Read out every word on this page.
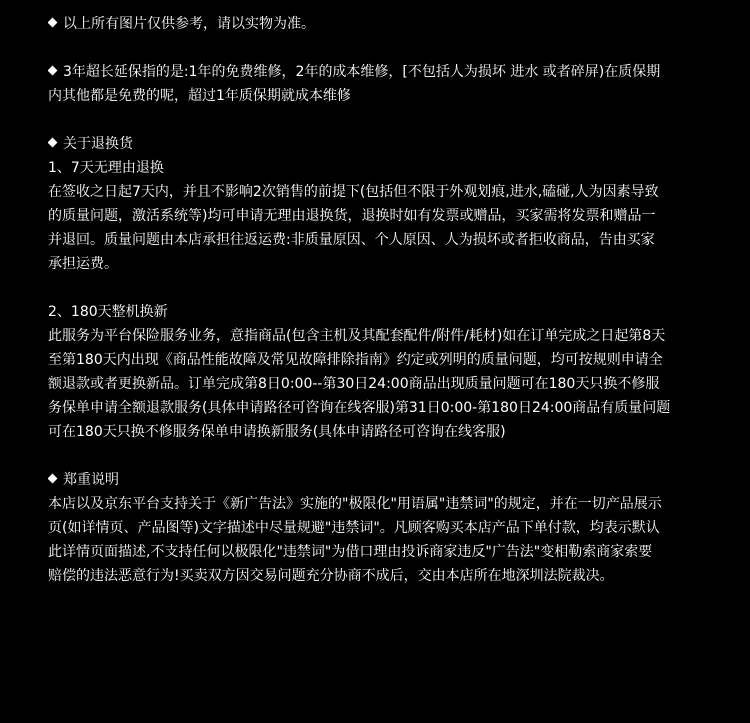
以上所有图片仅供参考，请以实物为准。
3年超长延保指的是:1年的免费维修，2年的成本维修，[不包括人为损坏 进水 或者碎屏)在质保期
内其他都是免费的呢，超过1年质保期就成本维修
关于退换货
1、7天无理由退换
在签收之日起7天内，并且不影响2次销售的前提下(包括但不限于外观划痕,进水,磕碰,人为因素导致
的质量问题，激活系统等)均可申请无理由退换货，退换时如有发票或赠品，买家需将发票和赠品一
并退回。质量问题由本店承担往返运费:非质量原因、个人原因、人为损坏或者拒收商品，告由买家
承担运费。
2、180天整机换新
此服务为平台保险服务业务，意指商品(包含主机及其配套配件/附件/耗材)如在订单完成之日起第8天
至第180天内出现《商品性能故障及常见故障排除指南》约定或列明的质量问题，均可按规则申请全
额退款或者更换新品。订单完成第8日0:00--第30日24:00商品出现质量问题可在180天只换不修服
务保单申请全额退款服务(具体申请路径可咨询在线客服)第31日0:00-第180日24:00商品有质量问题
可在180天只换不修服务保单申请换新服务(具体申请路径可咨询在线客服)
郑重说明
本店以及京东平台支持关于《新广告法》实施的"极限化"用语属"违禁词"的规定，并在一切产品展示
页(如详情页、产品图等)文字描述中尽量规避"违禁词"。凡顾客购买本店产品下单付款，均表示默认
此详情页面描述,不支持任何以极限化"违禁词"为借口理由投诉商家违反"广告法"变相勒索商家索要
赔偿的违法恶意行为!买卖双方因交易问题充分协商不成后，交由本店所在地深圳法院裁决。
